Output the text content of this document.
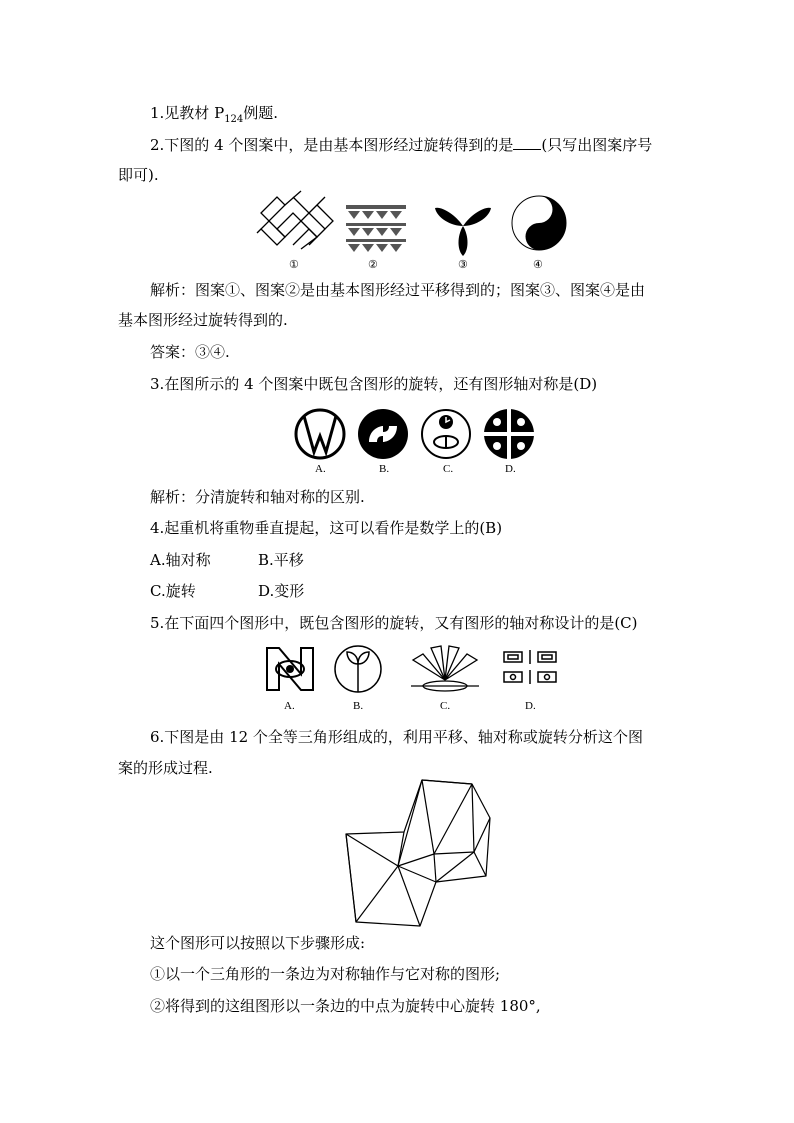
1.见教材 $P_{124}$例题.
2.下图的 4 个图案中，是由基本图形经过旋转得到的是 (只写出图案序号
即可).
①	②	③	④
解析：图案①、图案②是由基本图形经过平移得到的；图案③、图案④是由
基本图形经过旋转得到的.
答案：③④.
3.在图所示的 4 个图案中既包含图形的旋转，还有图形轴对称是(D)
A.	B.	C.	D.
解析：分清旋转和轴对称的区别.
4.起重机将重物垂直提起，这可以看作是数学上的(B)
A.轴对称	B.平移
C.旋转	D.变形
5.在下面四个图形中，既包含图形的旋转，又有图形的轴对称设计的是(C)
A.	B.	C.	D.
6.下图是由 12 个全等三角形组成的，利用平移、轴对称或旋转分析这个图
案的形成过程.
这个图形可以按照以下步骤形成:
①以一个三角形的一条边为对称轴作与它对称的图形;
②将得到的这组图形以一条边的中点为旋转中心旋转 180°,
